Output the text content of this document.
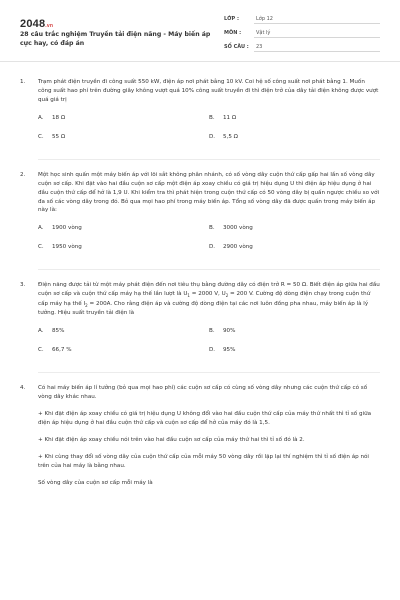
2048.vn
28 câu trắc nghiệm Truyền tải điện năng - Máy biến áp cực hay, có đáp án
LỚP :	Lớp 12
MÔN :	Vật lý
SỐ CÂU :	23
1.	Trạm phát điện truyền đi công suất 550 kW, điện áp nơi phát bằng 10 kV. Coi hệ số công suất nơi phát bằng 1. Muốn công suất hao phí trên đường giây không vượt quá 10% công suất truyền đi thì điện trở của dây tải điện không được vượt quá giá trị
A.	18 Ω	B.	11 Ω
C.	55 Ω	D.	5,5 Ω
2.	Một học sinh quấn một máy biến áp với lõi sắt không phân nhánh, có số vòng dây cuộn thứ cấp gấp hai lần số vòng dây cuộn sơ cấp. Khi đặt vào hai đầu cuộn sơ cấp một điện áp xoay chiều có giá trị hiệu dụng U thì điện áp hiệu dụng ở hai đầu cuộn thứ cấp để hở là 1,9 U. Khi kiểm tra thì phát hiện trong cuộn thứ cấp có 50 vòng dây bị quấn ngược chiều so với đa số các vòng dây trong đó. Bỏ qua mọi hao phí trong máy biến áp. Tổng số vòng dây đã được quấn trong máy biến áp này là:
A.	1900 vòng	B.	3000 vòng
C.	1950 vòng	D.	2900 vòng
3.	Điện năng được tải từ một máy phát điện đến nơi tiêu thụ bằng đường dây có điện trở R = 50 Ω. Biết điện áp giữa hai đầu cuộn sơ cấp và cuộn thứ cấp máy hạ thế lần lượt là $U_1 = 2000$ V, $U_2 = 200$ V. Cường độ dòng điện chạy trong cuộn thứ cấp máy hạ thế $I_2 = 200A$. Cho rằng điện áp và cường độ dòng điện tại các nơi luôn đồng pha nhau, máy biến áp là lý tưởng. Hiệu suất truyền tải điện là
A.	85%	B.	90%
C.	66,7 %	D.	95%
4.	Có hai máy biến áp lí tưởng (bỏ qua mọi hao phí) các cuộn sơ cấp có cùng số vòng dây nhưng các cuộn thứ cấp có số vòng dây khác nhau.
+ Khi đặt điện áp xoay chiều có giá trị hiệu dụng U không đổi vào hai đầu cuộn thứ cấp của máy thứ nhất thì tỉ số giữa điện áp hiệu dụng ở hai đầu cuộn thứ cấp và cuộn sơ cấp để hở của máy đó là 1,5.
+ Khi đặt điện áp xoay chiều nói trên vào hai đầu cuộn sơ cấp của máy thứ hai thì tỉ số đó là 2.
+ Khi cùng thay đổi số vòng dây của cuộn thứ cấp của mỗi máy 50 vòng dây rồi lặp lại thí nghiệm thì tỉ số điện áp nói trên của hai máy là bằng nhau.
Số vòng dây của cuộn sơ cấp mỗi máy là
